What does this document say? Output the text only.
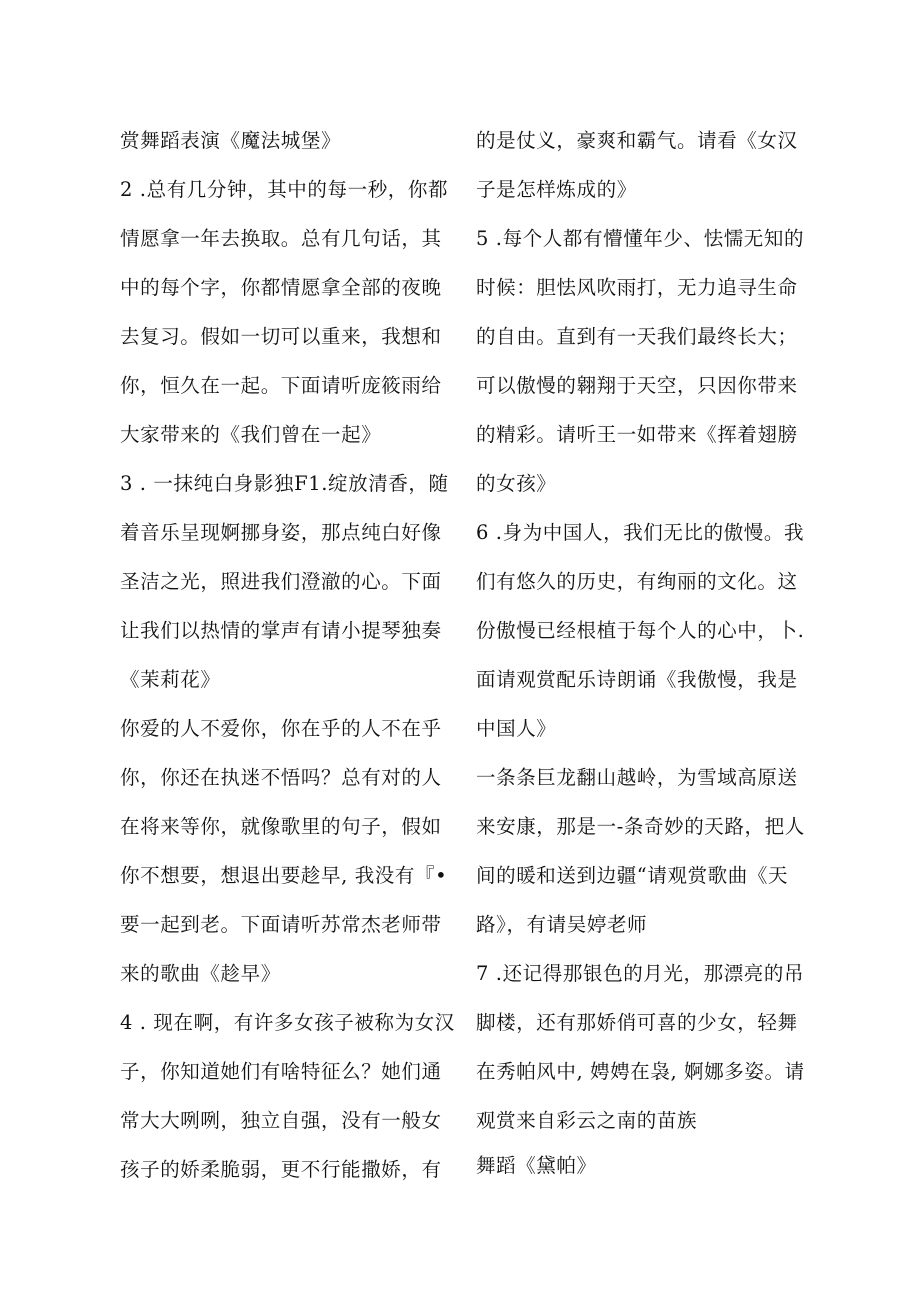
赏舞蹈表演《魔法城堡》

2 .总有几分钟，其中的每一秒，你都
情愿拿一年去换取。总有几句话，其
中的每个字，你都情愿拿全部的夜晚
去复习。假如一切可以重来，我想和
你，恒久在一起。下面请听庞筱雨给
大家带来的《我们曾在一起》

3 . 一抹纯白身影独F1.绽放清香，随
着音乐呈现婀挪身姿，那点纯白好像
圣洁之光，照进我们澄澈的心。下面
让我们以热情的掌声有请小提琴独奏
《茉莉花》

你爱的人不爱你，你在乎的人不在乎
你，你还在执迷不悟吗？总有对的人
在将来等你，就像歌里的句子，假如
你不想要，想退出要趁早, 我没有『•
要一起到老。下面请听苏常杰老师带
来的歌曲《趁早》

4 . 现在啊，有许多女孩子被称为女汉
子，你知道她们有啥特征么？她们通
常大大咧咧，独立自强，没有一般女
孩子的娇柔脆弱，更不行能撒娇，有

的是仗义，豪爽和霸气。请看《女汉
子是怎样炼成的》

5 .每个人都有懵懂年少、怯懦无知的
时候：胆怯风吹雨打，无力追寻生命
的自由。直到有一天我们最终长大；
可以傲慢的翱翔于天空，只因你带来
的精彩。请听王一如带来《挥着翅膀
的女孩》

6 .身为中国人，我们无比的傲慢。我
们有悠久的历史，有绚丽的文化。这
份傲慢已经根植于每个人的心中，卜.
面请观赏配乐诗朗诵《我傲慢，我是
中国人》

一条条巨龙翻山越岭，为雪域高原送
来安康，那是一-条奇妙的天路，把人
间的暖和送到边疆“请观赏歌曲《天
路》，有请吴婷老师

7 .还记得那银色的月光，那漂亮的吊
脚楼，还有那娇俏可喜的少女，轻舞
在秀帕风中, 娉娉在袅, 婀娜多姿。请
观赏来自彩云之南的苗族

舞蹈《黛帕》
